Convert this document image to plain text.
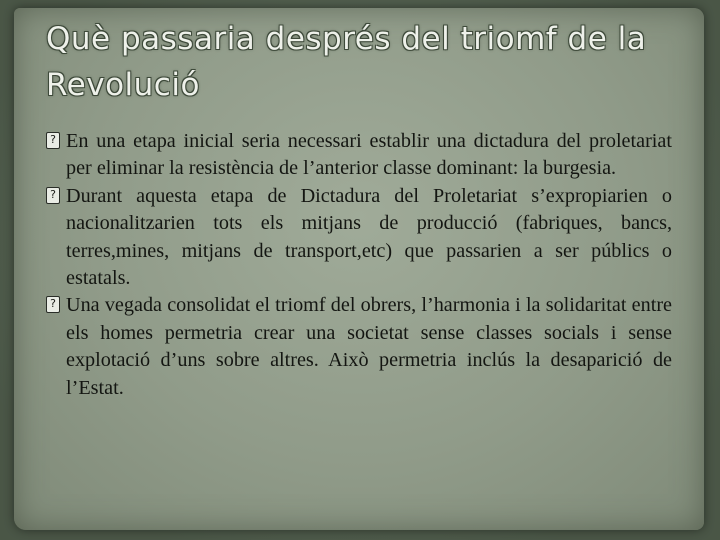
Què passaria després del triomf de la Revolució

?
En una etapa inicial seria necessari establir una dictadura del proletariat per eliminar la resistència de l’anterior classe dominant: la burgesia.

?
Durant aquesta etapa de Dictadura del Proletariat s’expropiarien o nacionalitzarien tots els mitjans de producció (fabriques, bancs, terres,mines, mitjans de transport,etc) que passarien a ser públics o estatals.

?
Una vegada consolidat el triomf del obrers, l’harmonia i la solidaritat entre els homes permetria crear una societat sense classes socials i sense explotació d’uns sobre altres. Això permetria inclús la desaparició de l’Estat.
